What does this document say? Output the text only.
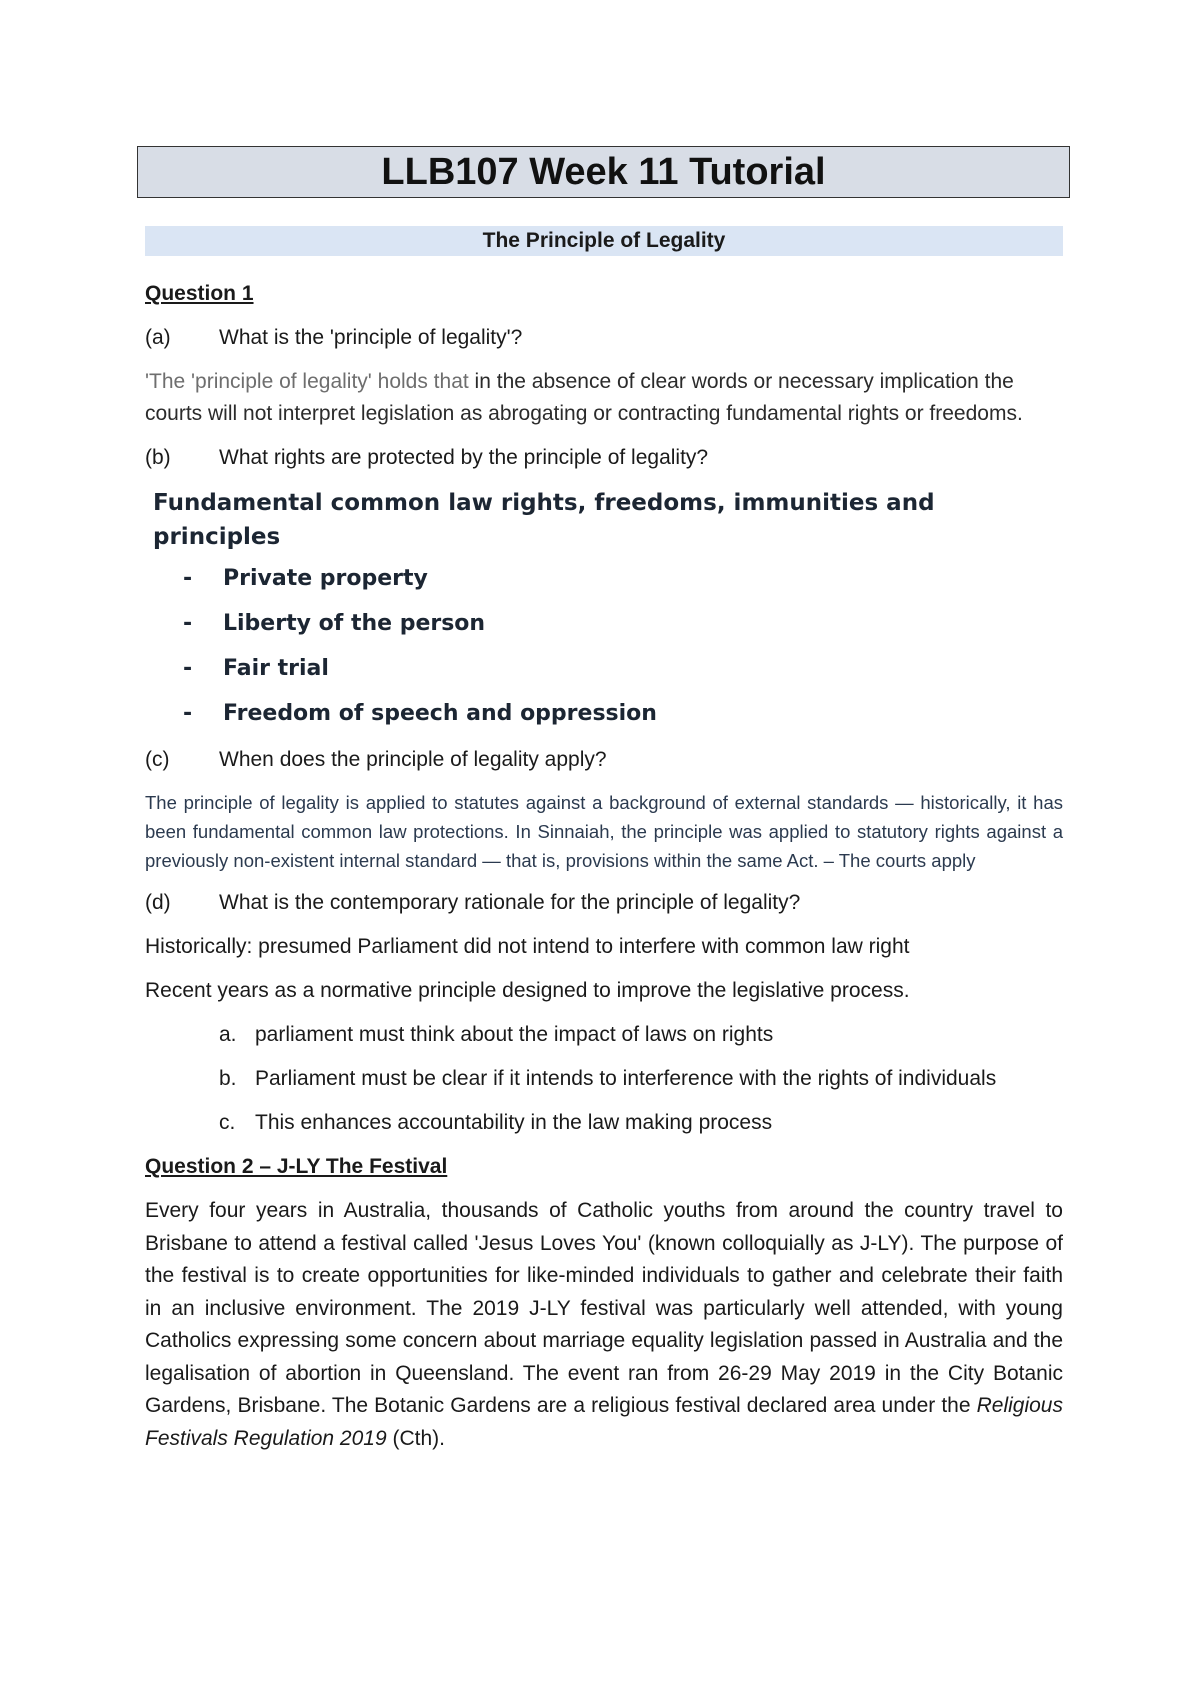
LLB107 Week 11 Tutorial
The Principle of Legality

Question 1

(a)	What is the 'principle of legality'?

'The 'principle of legality' holds that in the absence of clear words or necessary implication the courts will not interpret legislation as abrogating or contracting fundamental rights or freedoms.

(b)	What rights are protected by the principle of legality?

Fundamental common law rights, freedoms, immunities and principles

-	Private property
-	Liberty of the person
-	Fair trial
-	Freedom of speech and oppression
(c)	When does the principle of legality apply?

The principle of legality is applied to statutes against a background of external standards — historically, it has been fundamental common law protections. In Sinnaiah, the principle was applied to statutory rights against a previously non-existent internal standard — that is, provisions within the same Act. – The courts apply

(d)	What is the contemporary rationale for the principle of legality?

Historically: presumed Parliament did not intend to interfere with common law right

Recent years as a normative principle designed to improve the legislative process.

a. parliament must think about the impact of laws on rights
b. Parliament must be clear if it intends to interference with the rights of individuals
c. This enhances accountability in the law making process

Question 2 – J-LY The Festival

Every four years in Australia, thousands of Catholic youths from around the country travel to Brisbane to attend a festival called 'Jesus Loves You' (known colloquially as J-LY). The purpose of the festival is to create opportunities for like-minded individuals to gather and celebrate their faith in an inclusive environment. The 2019 J-LY festival was particularly well attended, with young Catholics expressing some concern about marriage equality legislation passed in Australia and the legalisation of abortion in Queensland. The event ran from 26-29 May 2019 in the City Botanic Gardens, Brisbane. The Botanic Gardens are a religious festival declared area under the Religious Festivals Regulation 2019 (Cth).
